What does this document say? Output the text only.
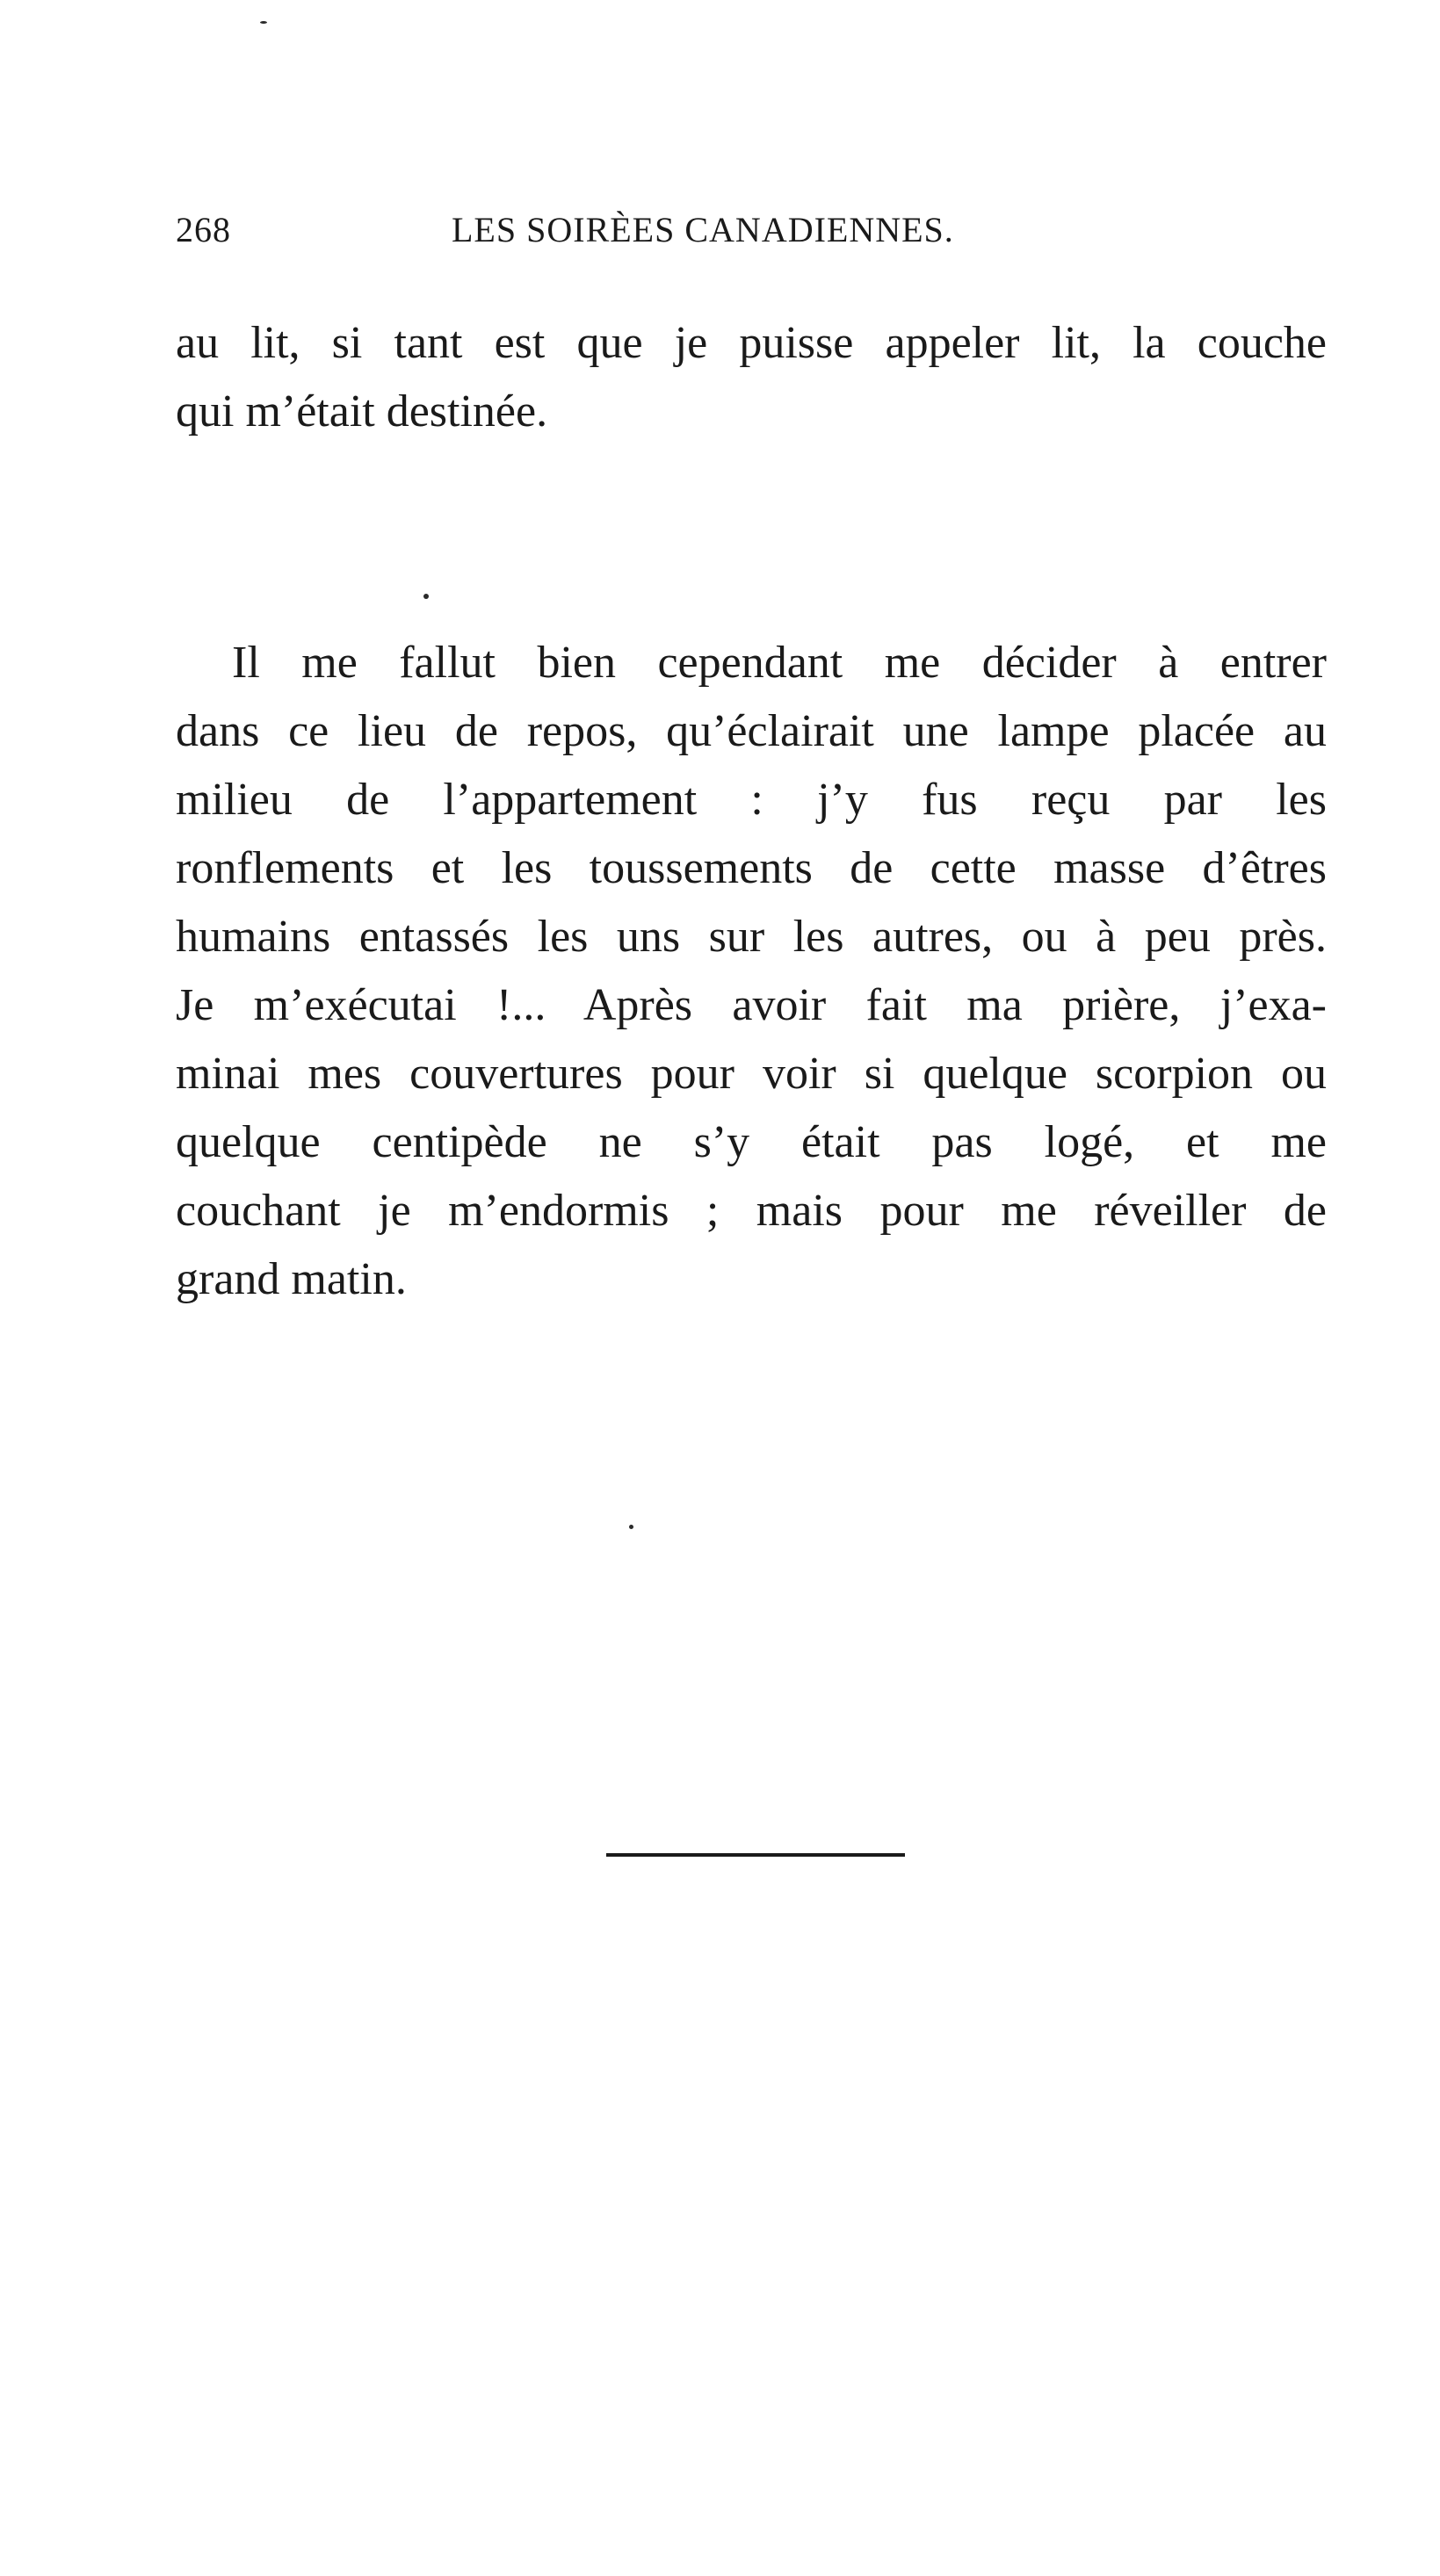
268	LES SOIRÈES CANADIENNES.
au lit, si tant est que je puisse appeler lit, la couche
qui m’était destinée.
Il me fallut bien cependant me décider à entrer
dans ce lieu de repos, qu’éclairait une lampe placée au
milieu de l’appartement : j’y fus reçu par les
ronflements et les toussements de cette masse d’êtres
humains entassés les uns sur les autres, ou à peu près.
Je m’exécutai !... Après avoir fait ma prière, j’exa-
minai mes couvertures pour voir si quelque scorpion ou
quelque centipède ne s’y était pas logé, et me
couchant je m’endormis ; mais pour me réveiller de
grand matin.
